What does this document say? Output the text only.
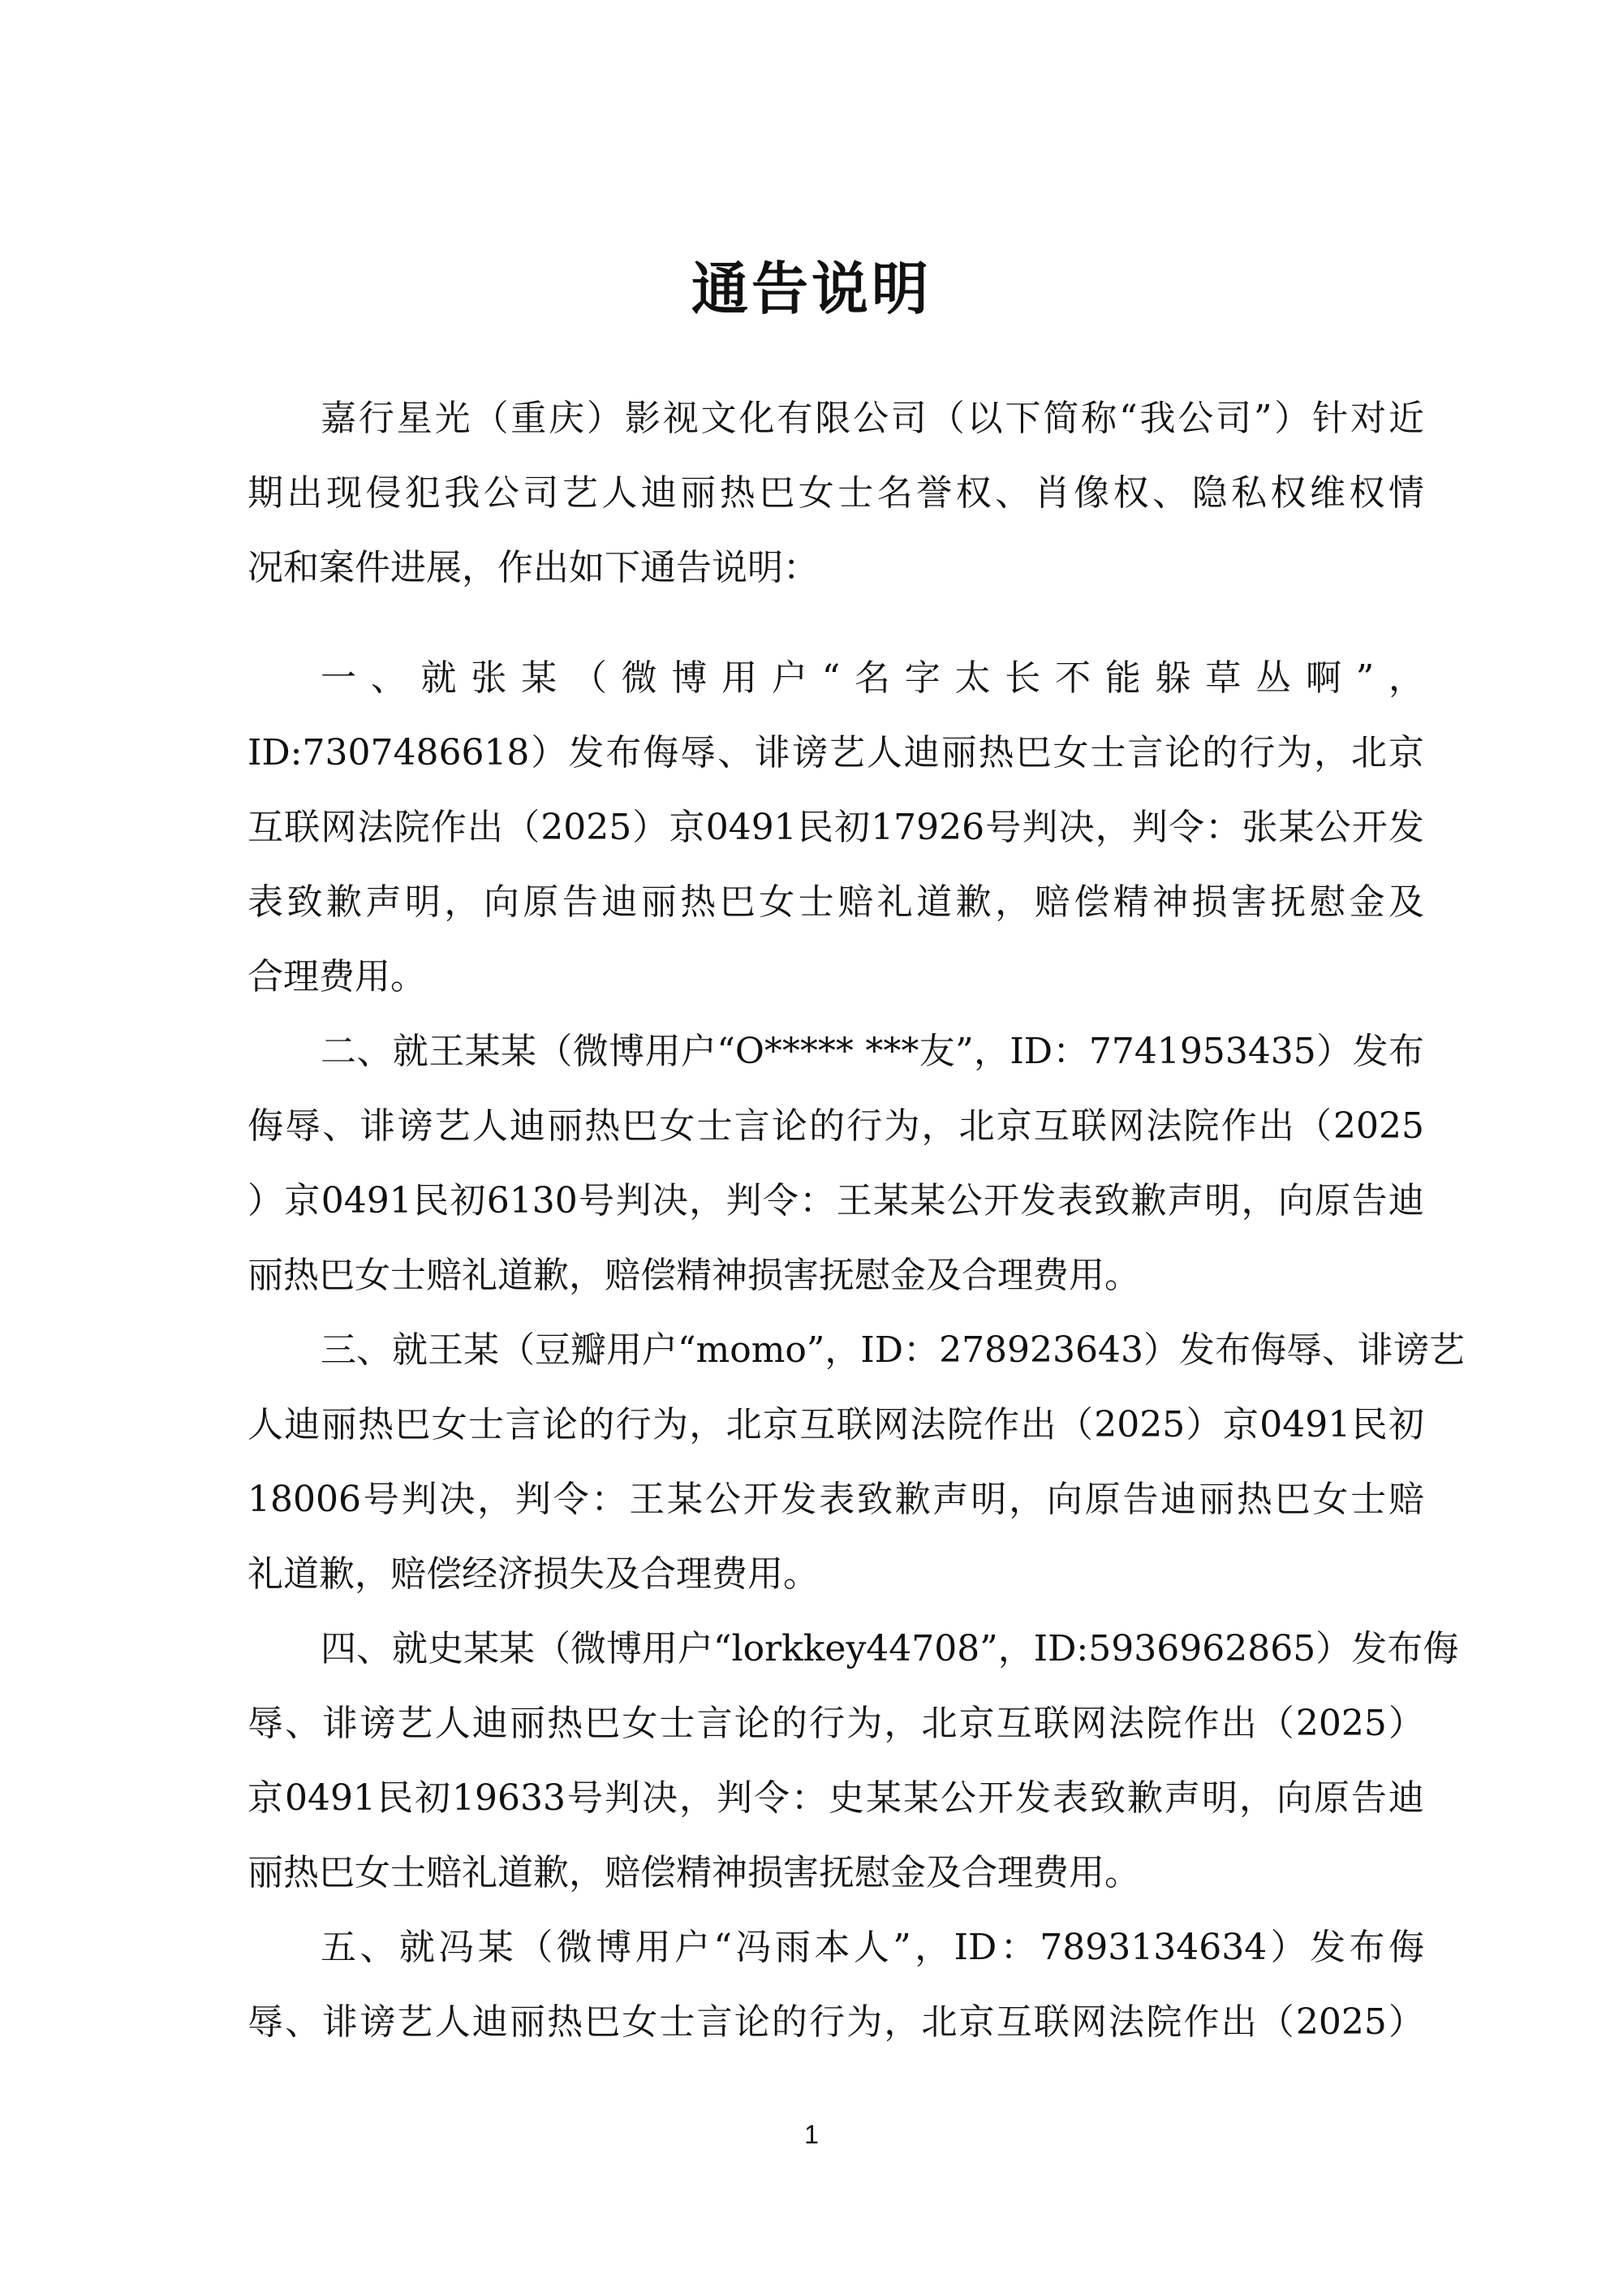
通告说明
嘉行星光（重庆）影视文化有限公司（以下简称“我公司”）针对近
期出现侵犯我公司艺人迪丽热巴女士名誉权、肖像权、隐私权维权情
况和案件进展，作出如下通告说明：
一、就张某（微博用户“名字太长不能躲草丛啊”，
ID:7307486618）发布侮辱、诽谤艺人迪丽热巴女士言论的行为，北京
互联网法院作出（2025）京0491民初17926号判决，判令：张某公开发
表致歉声明，向原告迪丽热巴女士赔礼道歉，赔偿精神损害抚慰金及
合理费用。
二、就王某某（微博用户“O***** ***友”，ID：7741953435）发布
侮辱、诽谤艺人迪丽热巴女士言论的行为，北京互联网法院作出（2025
）京0491民初6130号判决，判令：王某某公开发表致歉声明，向原告迪
丽热巴女士赔礼道歉，赔偿精神损害抚慰金及合理费用。
三、就王某（豆瓣用户“momo”，ID：278923643）发布侮辱、诽谤艺
人迪丽热巴女士言论的行为，北京互联网法院作出（2025）京0491民初
18006号判决，判令：王某公开发表致歉声明，向原告迪丽热巴女士赔
礼道歉，赔偿经济损失及合理费用。
四、就史某某（微博用户“lorkkey44708”，ID:5936962865）发布侮
辱、诽谤艺人迪丽热巴女士言论的行为，北京互联网法院作出（2025）
京0491民初19633号判决，判令：史某某公开发表致歉声明，向原告迪
丽热巴女士赔礼道歉，赔偿精神损害抚慰金及合理费用。
五、就冯某（微博用户“冯雨本人”，ID：7893134634）发布侮
辱、诽谤艺人迪丽热巴女士言论的行为，北京互联网法院作出（2025）
1
